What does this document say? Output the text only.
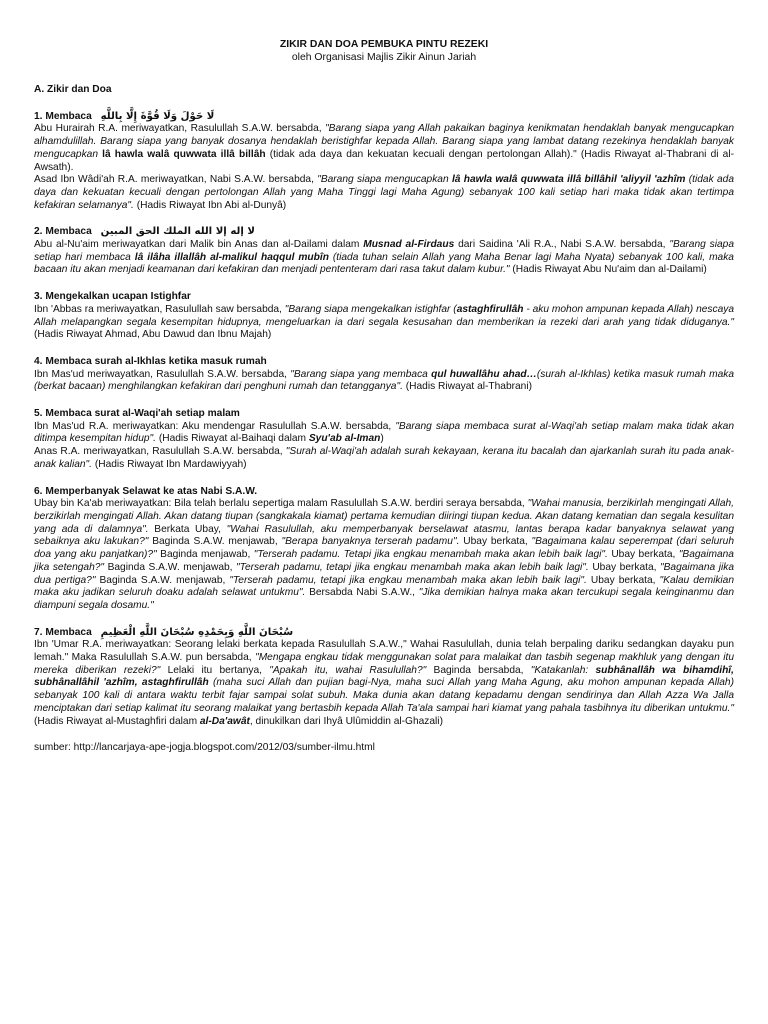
ZIKIR DAN DOA PEMBUKA PINTU REZEKI
oleh Organisasi Majlis Zikir Ainun Jariah
A. Zikir dan Doa
1. Membaca لَا حَوْلَ وَلَا قُوَّةَ إِلَّا بِاللَّهِ

Abu Hurairah R.A. meriwayatkan, Rasulullah S.A.W. bersabda, "Barang siapa yang Allah pakaikan baginya kenikmatan hendaklah banyak mengucapkan alhamdulillah. Barang siapa yang banyak dosanya hendaklah beristighfar kepada Allah. Barang siapa yang lambat datang rezekinya hendaklah banyak mengucapkan lâ hawla walâ quwwata illâ billâh (tidak ada daya dan kekuatan kecuali dengan pertolongan Allah)." (Hadis Riwayat al-Thabrani di al-Awsath).

Asad Ibn Wâdi'ah R.A. meriwayatkan, Nabi S.A.W. bersabda, "Barang siapa mengucapkan lâ hawla walâ quwwata illâ billâhil 'aliyyil 'azhîm (tidak ada daya dan kekuatan kecuali dengan pertolongan Allah yang Maha Tinggi lagi Maha Agung) sebanyak 100 kali setiap hari maka tidak akan tertimpa kefakiran selamanya". (Hadis Riwayat Ibn Abi al-Dunyâ)

2. Membaca لا إله إلا الله الملك الحق المبين

Abu al-Nu'aim meriwayatkan dari Malik bin Anas dan al-Dailami dalam Musnad al-Firdaus dari Saidina 'Ali R.A., Nabi S.A.W. bersabda, "Barang siapa setiap hari membaca lâ ilâha illallâh al-malikul haqqul mubîn (tiada tuhan selain Allah yang Maha Benar lagi Maha Nyata) sebanyak 100 kali, maka bacaan itu akan menjadi keamanan dari kefakiran dan menjadi pententeram dari rasa takut dalam kubur." (Hadis Riwayat Abu Nu'aim dan al-Dailami)

3. Mengekalkan ucapan Istighfar

Ibn 'Abbas ra meriwayatkan, Rasulullah saw bersabda, "Barang siapa mengekalkan istighfar (astaghfirullâh - aku mohon ampunan kepada Allah) nescaya Allah melapangkan segala kesempitan hidupnya, mengeluarkan ia dari segala kesusahan dan memberikan ia rezeki dari arah yang tidak diduganya." (Hadis Riwayat Ahmad, Abu Dawud dan Ibnu Majah)

4. Membaca surah al-Ikhlas ketika masuk rumah

Ibn Mas'ud meriwayatkan, Rasulullah S.A.W. bersabda, "Barang siapa yang membaca qul huwallâhu ahad…(surah al-Ikhlas) ketika masuk rumah maka (berkat bacaan) menghilangkan kefakiran dari penghuni rumah dan tetangganya". (Hadis Riwayat al-Thabrani)

5. Membaca surat al-Waqi'ah setiap malam

Ibn Mas'ud R.A. meriwayatkan: Aku mendengar Rasulullah S.A.W. bersabda, "Barang siapa membaca surat al-Waqi'ah setiap malam maka tidak akan ditimpa kesempitan hidup". (Hadis Riwayat al-Baihaqi dalam Syu'ab al-Iman)

Anas R.A. meriwayatkan, Rasulullah S.A.W. bersabda, "Surah al-Waqi'ah adalah surah kekayaan, kerana itu bacalah dan ajarkanlah surah itu pada anak-anak kalian". (Hadis Riwayat Ibn Mardawiyyah)

6. Memperbanyak Selawat ke atas Nabi S.A.W.

Ubay bin Ka'ab meriwayatkan: Bila telah berlalu sepertiga malam Rasulullah S.A.W. berdiri seraya bersabda, "Wahai manusia, berzikirlah mengingati Allah, berzikirlah mengingati Allah. Akan datang tiupan (sangkakala kiamat) pertama kemudian diiringi tiupan kedua. Akan datang kematian dan segala kesulitan yang ada di dalamnya". Berkata Ubay, "Wahai Rasulullah, aku memperbanyak berselawat atasmu, lantas berapa kadar banyaknya selawat yang sebaiknya aku lakukan?" Baginda S.A.W. menjawab, "Berapa banyaknya terserah padamu". Ubay berkata, "Bagaimana kalau seperempat (dari seluruh doa yang aku panjatkan)?" Baginda menjawab, "Terserah padamu. Tetapi jika engkau menambah maka akan lebih baik lagi". Ubay berkata, "Bagaimana jika setengah?" Baginda S.A.W. menjawab, "Terserah padamu, tetapi jika engkau menambah maka akan lebih baik lagi". Ubay berkata, "Bagaimana jika dua pertiga?" Baginda S.A.W. menjawab, "Terserah padamu, tetapi jika engkau menambah maka akan lebih baik lagi". Ubay berkata, "Kalau demikian maka aku jadikan seluruh doaku adalah selawat untukmu". Bersabda Nabi S.A.W., "Jika demikian halnya maka akan tercukupi segala keinginanmu dan diampuni segala dosamu."

7. Membaca سُبْحَانَ اللَّهِ وَبِحَمْدِهِ سُبْحَانَ اللَّهِ الْعَظِيمِ

Ibn 'Umar R.A. meriwayatkan: Seorang lelaki berkata kepada Rasulullah S.A.W.," Wahai Rasulullah, dunia telah berpaling dariku sedangkan dayaku pun lemah." Maka Rasulullah S.A.W. pun bersabda, "Mengapa engkau tidak menggunakan solat para malaikat dan tasbih segenap makhluk yang dengan itu mereka diberikan rezeki?" Lelaki itu bertanya, "Apakah itu, wahai Rasulullah?" Baginda bersabda, "Katakanlah: subhânallâh wa bihamdihî, subhânallâhil 'azhîm, astaghfirullâh (maha suci Allah dan pujian bagi-Nya, maha suci Allah yang Maha Agung, aku mohon ampunan kepada Allah) sebanyak 100 kali di antara waktu terbit fajar sampai solat subuh. Maka dunia akan datang kepadamu dengan sendirinya dan Allah Azza Wa Jalla menciptakan dari setiap kalimat itu seorang malaikat yang bertasbih kepada Allah Ta'ala sampai hari kiamat yang pahala tasbihnya itu diberikan untukmu." (Hadis Riwayat al-Mustaghfiri dalam al-Da'awât, dinukilkan dari Ihyâ Ulûmiddin al-Ghazali)

sumber: http://lancarjaya-ape-jogja.blogspot.com/2012/03/sumber-ilmu.html
